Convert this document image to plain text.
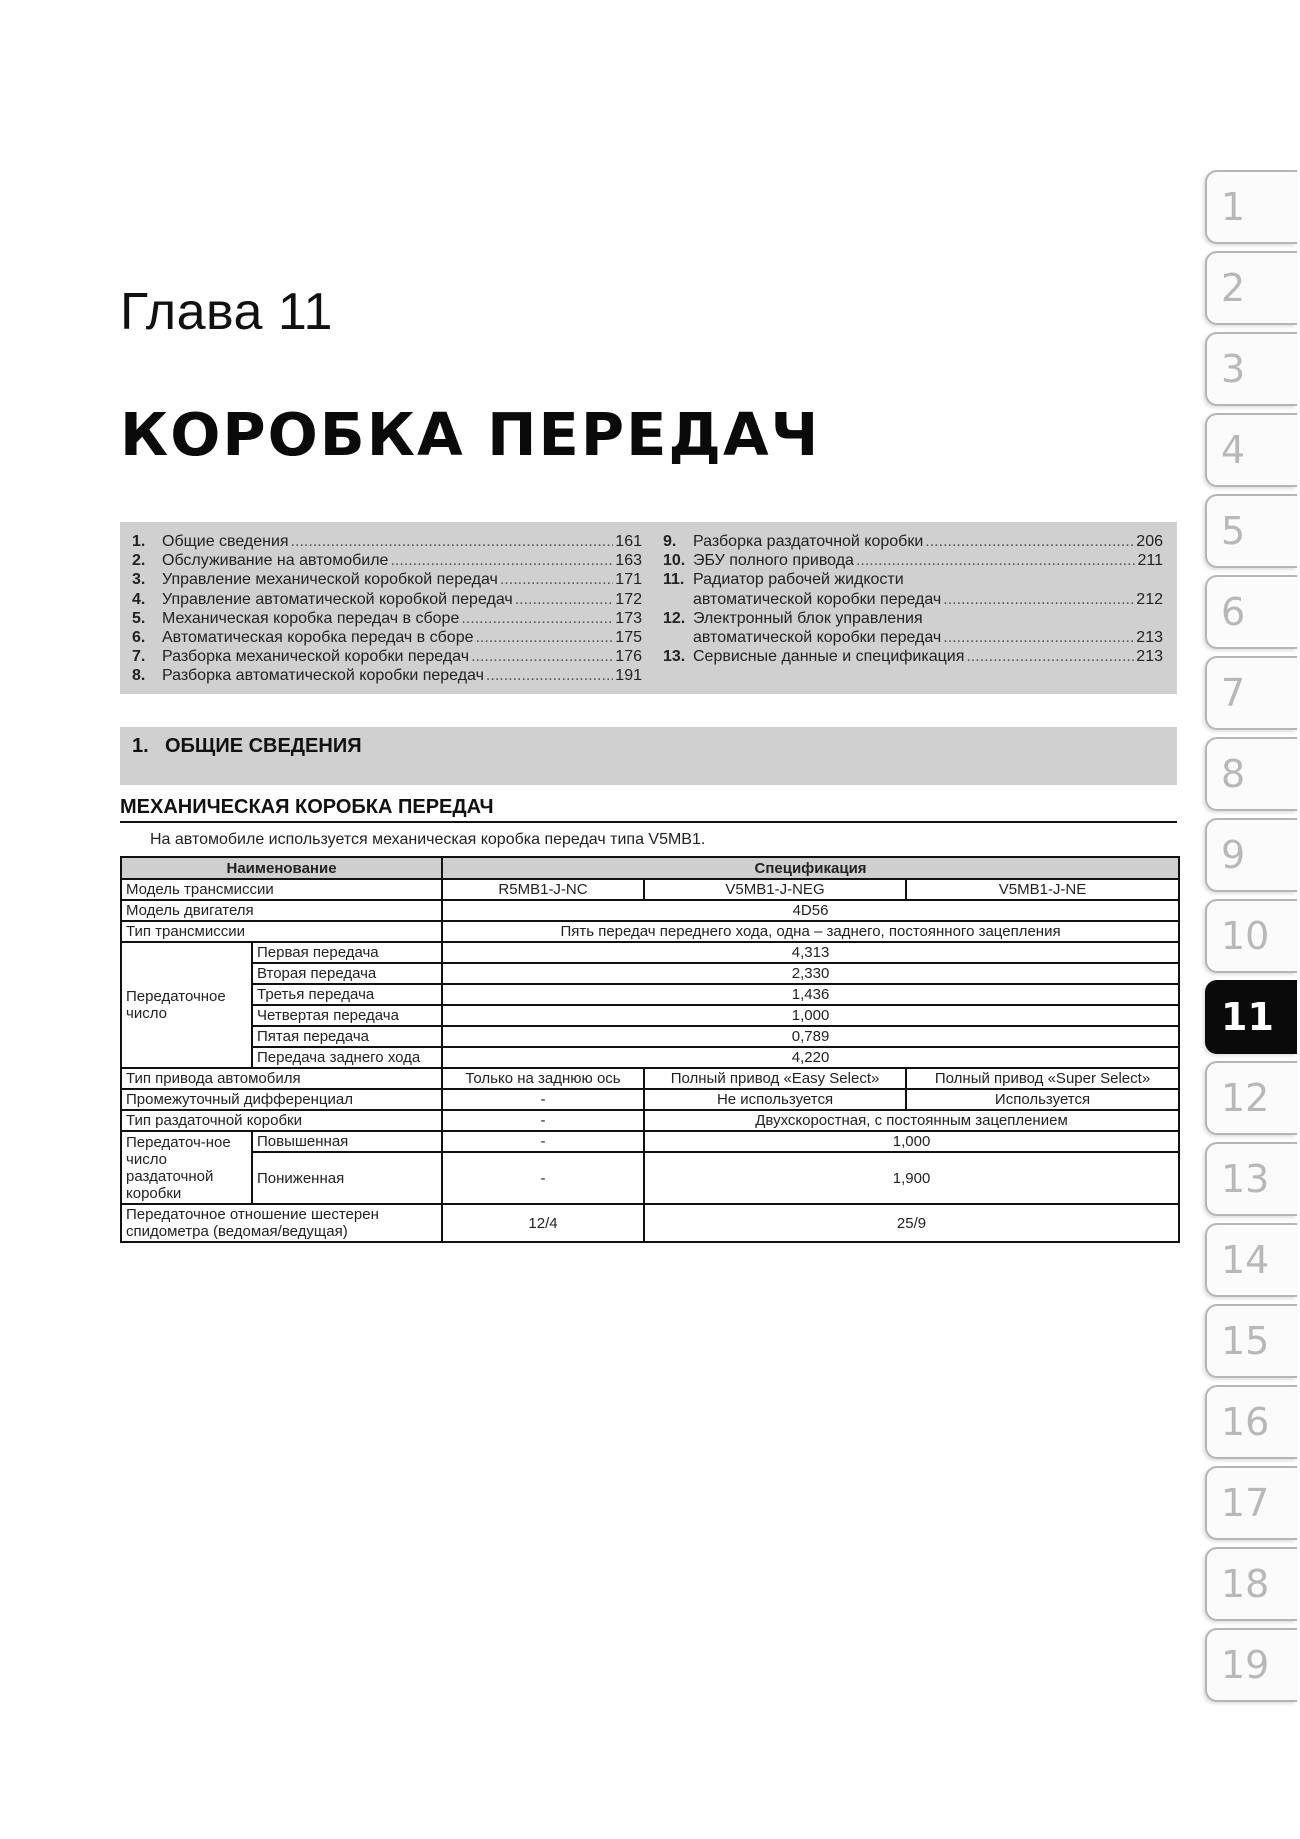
Глава 11
КОРОБКА ПЕРЕДАЧ
1.	Общие сведения .....	161
2.	Обслуживание на автомобиле .....	163
3.	Управление механической коробкой передач .....	171
4.	Управление автоматической коробкой передач .....	172
5.	Механическая коробка передач в сборе .....	173
6.	Автоматическая коробка передач в сборе .....	175
7.	Разборка механической коробки передач .....	176
8.	Разборка автоматической коробки передач .....	191
9.	Разборка раздаточной коробки .....	206
10. ЭБУ полного привода .....	211
11. Радиатор рабочей жидкости
автоматической коробки передач .....	212
12. Электронный блок управления
автоматической коробки передач .....	213
13. Сервисные данные и спецификация .....	213
1. ОБЩИЕ СВЕДЕНИЯ
МЕХАНИЧЕСКАЯ КОРОБКА ПЕРЕДАЧ
На автомобиле используется механическая коробка передач типа V5MB1.
Наименование		Спецификация		
Модель трансмиссии		R5MB1-J-NC	V5MB1-J-NEG	V5MB1-J-NE
Модель двигателя		4D56		
Тип трансмиссии		Пять передач переднего хода, одна – заднего, постоянного зацепления		
Передаточное число	Первая передача	4,313		
	Вторая передача	2,330		
	Третья передача	1,436		
	Четвертая передача	1,000		
	Пятая передача	0,789		
	Передача заднего хода	4,220		
Тип привода автомобиля		Только на заднюю ось	Полный привод «Easy Select»	Полный привод «Super Select»
Промежуточный дифференциал		-	Не используется	Используется
Тип раздаточной коробки		-	Двухскоростная, с постоянным зацеплением	
Передаточ-ное число раздаточной коробки	Повышенная	-	1,000	
	Пониженная	-	1,900	
Передаточное отношение шестерен спидометра (ведомая/ведущая)		12/4	25/9	
1
2
3
4
5
6
7
8
9
10
11
12
13
14
15
16
17
18
19
